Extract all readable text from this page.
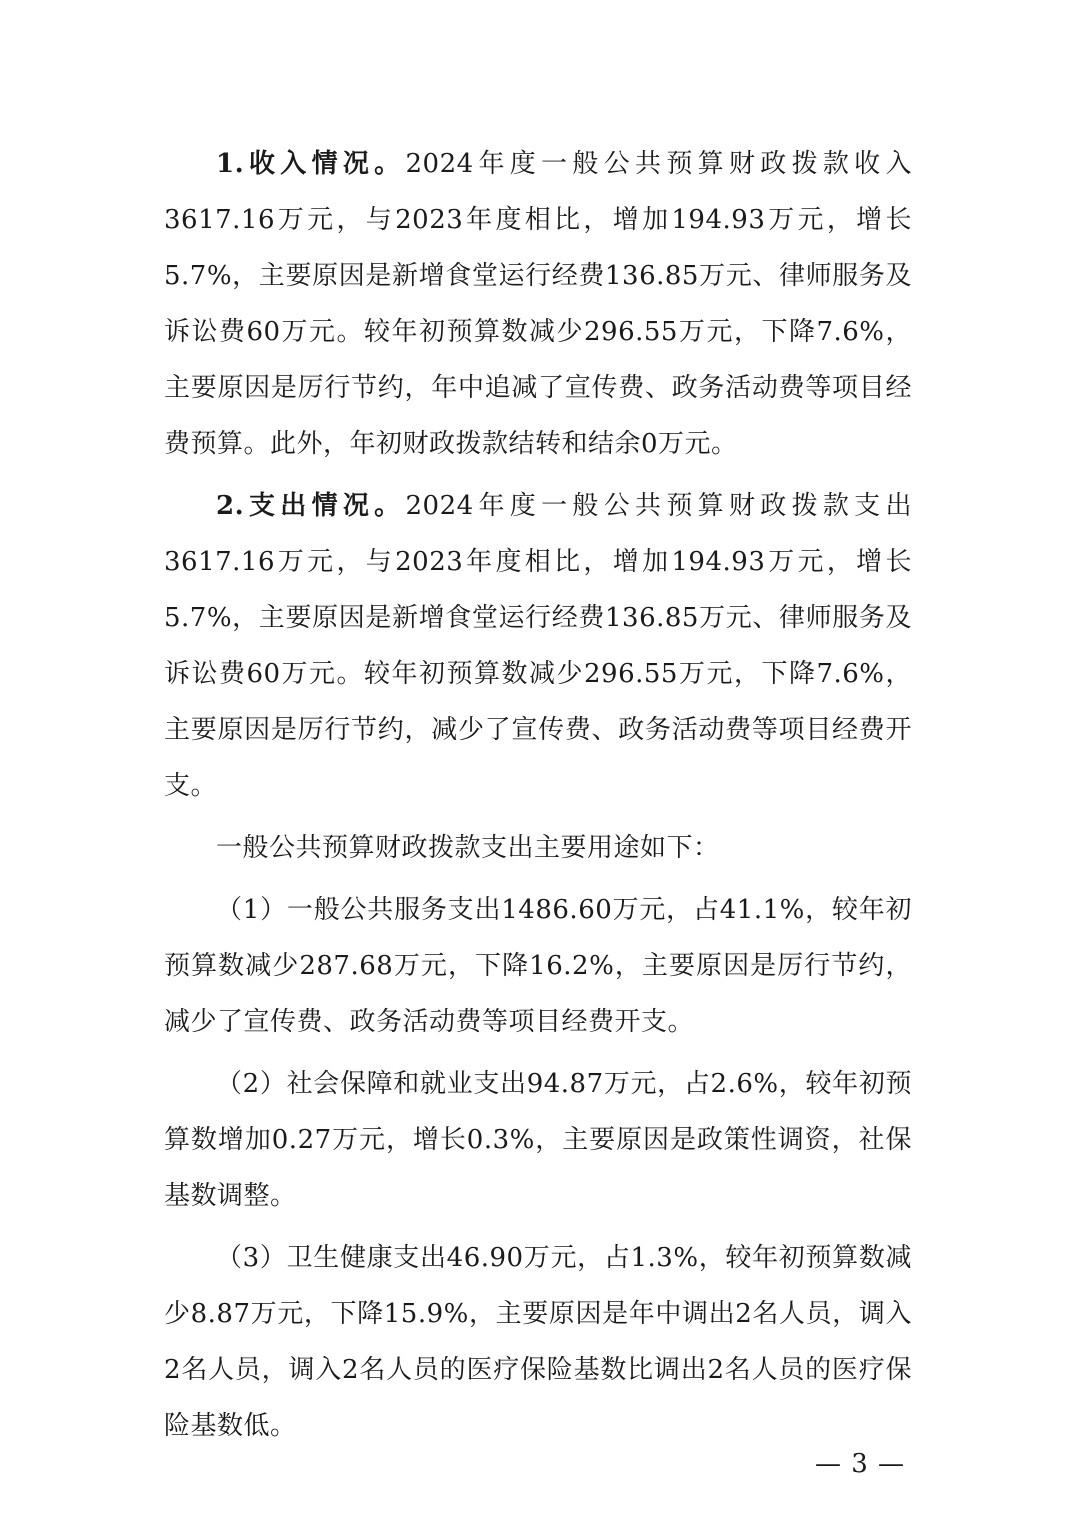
1.收入情况。2024年度一般公共预算财政拨款收入3617.16万元，与2023年度相比，增加194.93万元，增长5.7%，主要原因是新增食堂运行经费136.85万元、律师服务及诉讼费60万元。较年初预算数减少296.55万元，下降7.6%，主要原因是厉行节约，年中追减了宣传费、政务活动费等项目经费预算。此外，年初财政拨款结转和结余0万元。

2.支出情况。2024年度一般公共预算财政拨款支出3617.16万元，与2023年度相比，增加194.93万元，增长5.7%，主要原因是新增食堂运行经费136.85万元、律师服务及诉讼费60万元。较年初预算数减少296.55万元，下降7.6%，主要原因是厉行节约，减少了宣传费、政务活动费等项目经费开支。

一般公共预算财政拨款支出主要用途如下：

（1）一般公共服务支出1486.60万元，占41.1%，较年初预算数减少287.68万元，下降16.2%，主要原因是厉行节约，减少了宣传费、政务活动费等项目经费开支。

（2）社会保障和就业支出94.87万元，占2.6%，较年初预算数增加0.27万元，增长0.3%，主要原因是政策性调资，社保基数调整。

（3）卫生健康支出46.90万元，占1.3%，较年初预算数减少8.87万元，下降15.9%，主要原因是年中调出2名人员，调入2名人员，调入2名人员的医疗保险基数比调出2名人员的医疗保险基数低。

— 3 —
